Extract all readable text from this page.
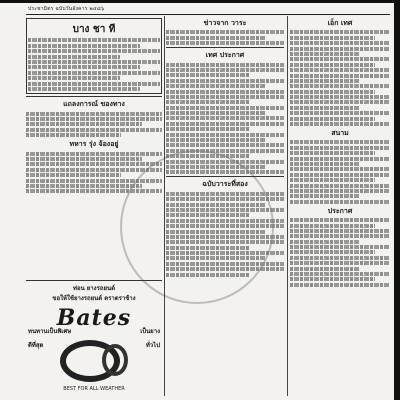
ประชามิตร ฉบับวันอังคาร ๒๔๘๖
บาง ชา ที
แถลงการณ์ ของทาง
ทหาร รุ่ง จ้องอยู่
ท่อน ยางรถยนต์
ขอให้ใช้ยางรถยนต์ ตราตราช้าง
Bates
ทนทานเป็นพิเศษ	เป็นยาง
ดีที่สุด	ทั่วไป
BEST FOR ALL WEATHER
ข่าวจาก วาระ
เทศ ประกาศ
ฉบับวาระที่สอง
เอ็ก เทศ
สนาม
ประกาศ
